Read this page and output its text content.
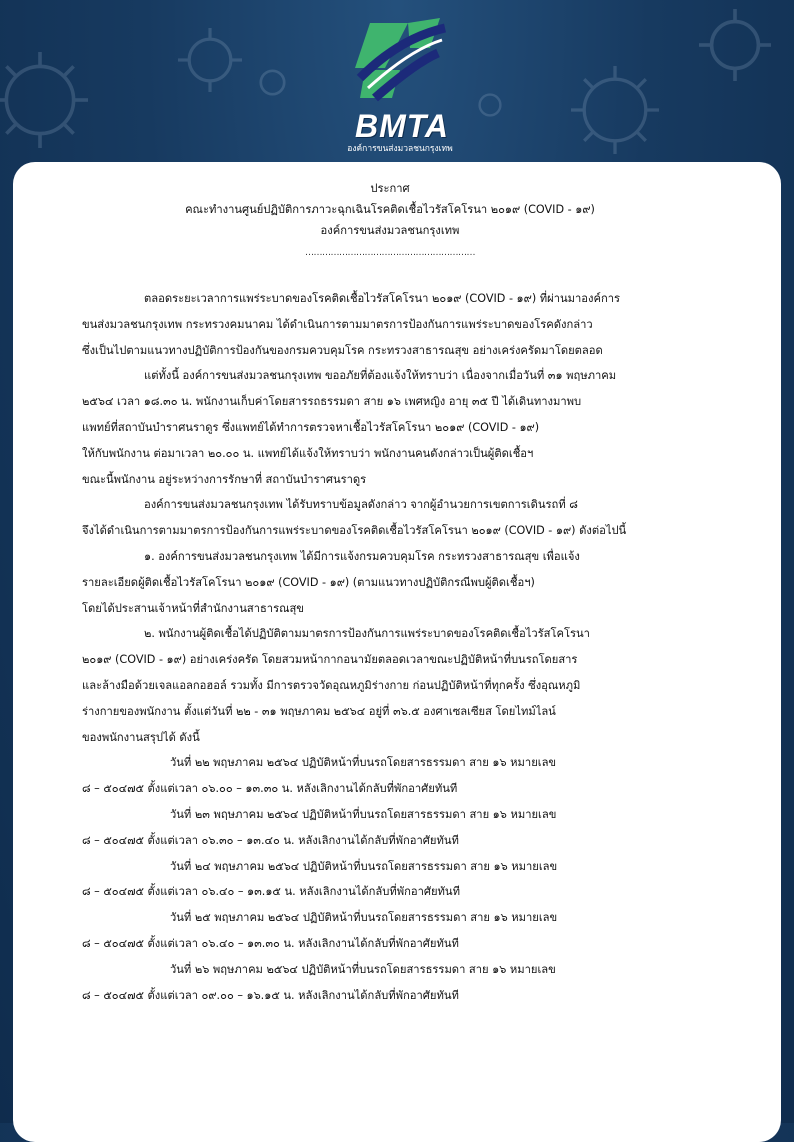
BMTA
องค์การขนส่งมวลชนกรุงเทพ
ประกาศ
คณะทำงานศูนย์ปฏิบัติการภาวะฉุกเฉินโรคติดเชื้อไวรัสโคโรนา ๒๐๑๙ (COVID - ๑๙)
องค์การขนส่งมวลชนกรุงเทพ
……………………………………………………

ตลอดระยะเวลาการแพร่ระบาดของโรคติดเชื้อไวรัสโคโรนา ๒๐๑๙ (COVID - ๑๙) ที่ผ่านมาองค์การ

ขนส่งมวลชนกรุงเทพ กระทรวงคมนาคม ได้ดำเนินการตามมาตรการป้องกันการแพร่ระบาดของโรคดังกล่าว

ซึ่งเป็นไปตามแนวทางปฏิบัติการป้องกันของกรมควบคุมโรค กระทรวงสาธารณสุข อย่างเคร่งครัดมาโดยตลอด

แต่ทั้งนี้ องค์การขนส่งมวลชนกรุงเทพ ขออภัยที่ต้องแจ้งให้ทราบว่า เนื่องจากเมื่อวันที่ ๓๑ พฤษภาคม

๒๕๖๔ เวลา ๑๘.๓๐ น. พนักงานเก็บค่าโดยสารรถธรรมดา สาย ๑๖ เพศหญิง อายุ ๓๕ ปี ได้เดินทางมาพบ

แพทย์ที่สถาบันบำราศนราดูร ซึ่งแพทย์ได้ทำการตรวจหาเชื้อไวรัสโคโรนา ๒๐๑๙ (COVID - ๑๙)

ให้กับพนักงาน ต่อมาเวลา ๒๐.๐๐ น. แพทย์ได้แจ้งให้ทราบว่า พนักงานคนดังกล่าวเป็นผู้ติดเชื้อฯ

ขณะนี้พนักงาน อยู่ระหว่างการรักษาที่ สถาบันบำราศนราดูร

องค์การขนส่งมวลชนกรุงเทพ ได้รับทราบข้อมูลดังกล่าว จากผู้อำนวยการเขตการเดินรถที่ ๘

จึงได้ดำเนินการตามมาตรการป้องกันการแพร่ระบาดของโรคติดเชื้อไวรัสโคโรนา ๒๐๑๙ (COVID - ๑๙) ดังต่อไปนี้

๑. องค์การขนส่งมวลชนกรุงเทพ ได้มีการแจ้งกรมควบคุมโรค กระทรวงสาธารณสุข เพื่อแจ้ง

รายละเอียดผู้ติดเชื้อไวรัสโคโรนา ๒๐๑๙ (COVID - ๑๙) (ตามแนวทางปฏิบัติกรณีพบผู้ติดเชื้อฯ)

โดยได้ประสานเจ้าหน้าที่สำนักงานสาธารณสุข

๒. พนักงานผู้ติดเชื้อได้ปฏิบัติตามมาตรการป้องกันการแพร่ระบาดของโรคติดเชื้อไวรัสโคโรนา

๒๐๑๙ (COVID - ๑๙) อย่างเคร่งครัด โดยสวมหน้ากากอนามัยตลอดเวลาขณะปฏิบัติหน้าที่บนรถโดยสาร

และล้างมือด้วยเจลแอลกอฮอล์ รวมทั้ง มีการตรวจวัดอุณหภูมิร่างกาย ก่อนปฏิบัติหน้าที่ทุกครั้ง ซึ่งอุณหภูมิ

ร่างกายของพนักงาน ตั้งแต่วันที่ ๒๒ - ๓๑ พฤษภาคม ๒๕๖๔ อยู่ที่ ๓๖.๕ องศาเซลเซียส โดยไทม์ไลน์

ของพนักงานสรุปได้ ดังนี้

วันที่ ๒๒ พฤษภาคม ๒๕๖๔ ปฏิบัติหน้าที่บนรถโดยสารธรรมดา สาย ๑๖ หมายเลข

๘ – ๕๐๔๗๕ ตั้งแต่เวลา ๐๖.๐๐ – ๑๓.๓๐ น. หลังเลิกงานได้กลับที่พักอาศัยทันที

วันที่ ๒๓ พฤษภาคม ๒๕๖๔ ปฏิบัติหน้าที่บนรถโดยสารธรรมดา สาย ๑๖ หมายเลข

๘ – ๕๐๔๗๕ ตั้งแต่เวลา ๐๖.๓๐ – ๑๓.๔๐ น. หลังเลิกงานได้กลับที่พักอาศัยทันที

วันที่ ๒๔ พฤษภาคม ๒๕๖๔ ปฏิบัติหน้าที่บนรถโดยสารธรรมดา สาย ๑๖ หมายเลข

๘ – ๕๐๔๗๕ ตั้งแต่เวลา ๐๖.๔๐ – ๑๓.๑๕ น. หลังเลิกงานได้กลับที่พักอาศัยทันที

วันที่ ๒๕ พฤษภาคม ๒๕๖๔ ปฏิบัติหน้าที่บนรถโดยสารธรรมดา สาย ๑๖ หมายเลข

๘ – ๕๐๔๗๕ ตั้งแต่เวลา ๐๖.๔๐ – ๑๓.๓๐ น. หลังเลิกงานได้กลับที่พักอาศัยทันที

วันที่ ๒๖ พฤษภาคม ๒๕๖๔ ปฏิบัติหน้าที่บนรถโดยสารธรรมดา สาย ๑๖ หมายเลข

๘ – ๕๐๔๗๕ ตั้งแต่เวลา ๐๙.๐๐ – ๑๖.๑๕ น. หลังเลิกงานได้กลับที่พักอาศัยทันที
